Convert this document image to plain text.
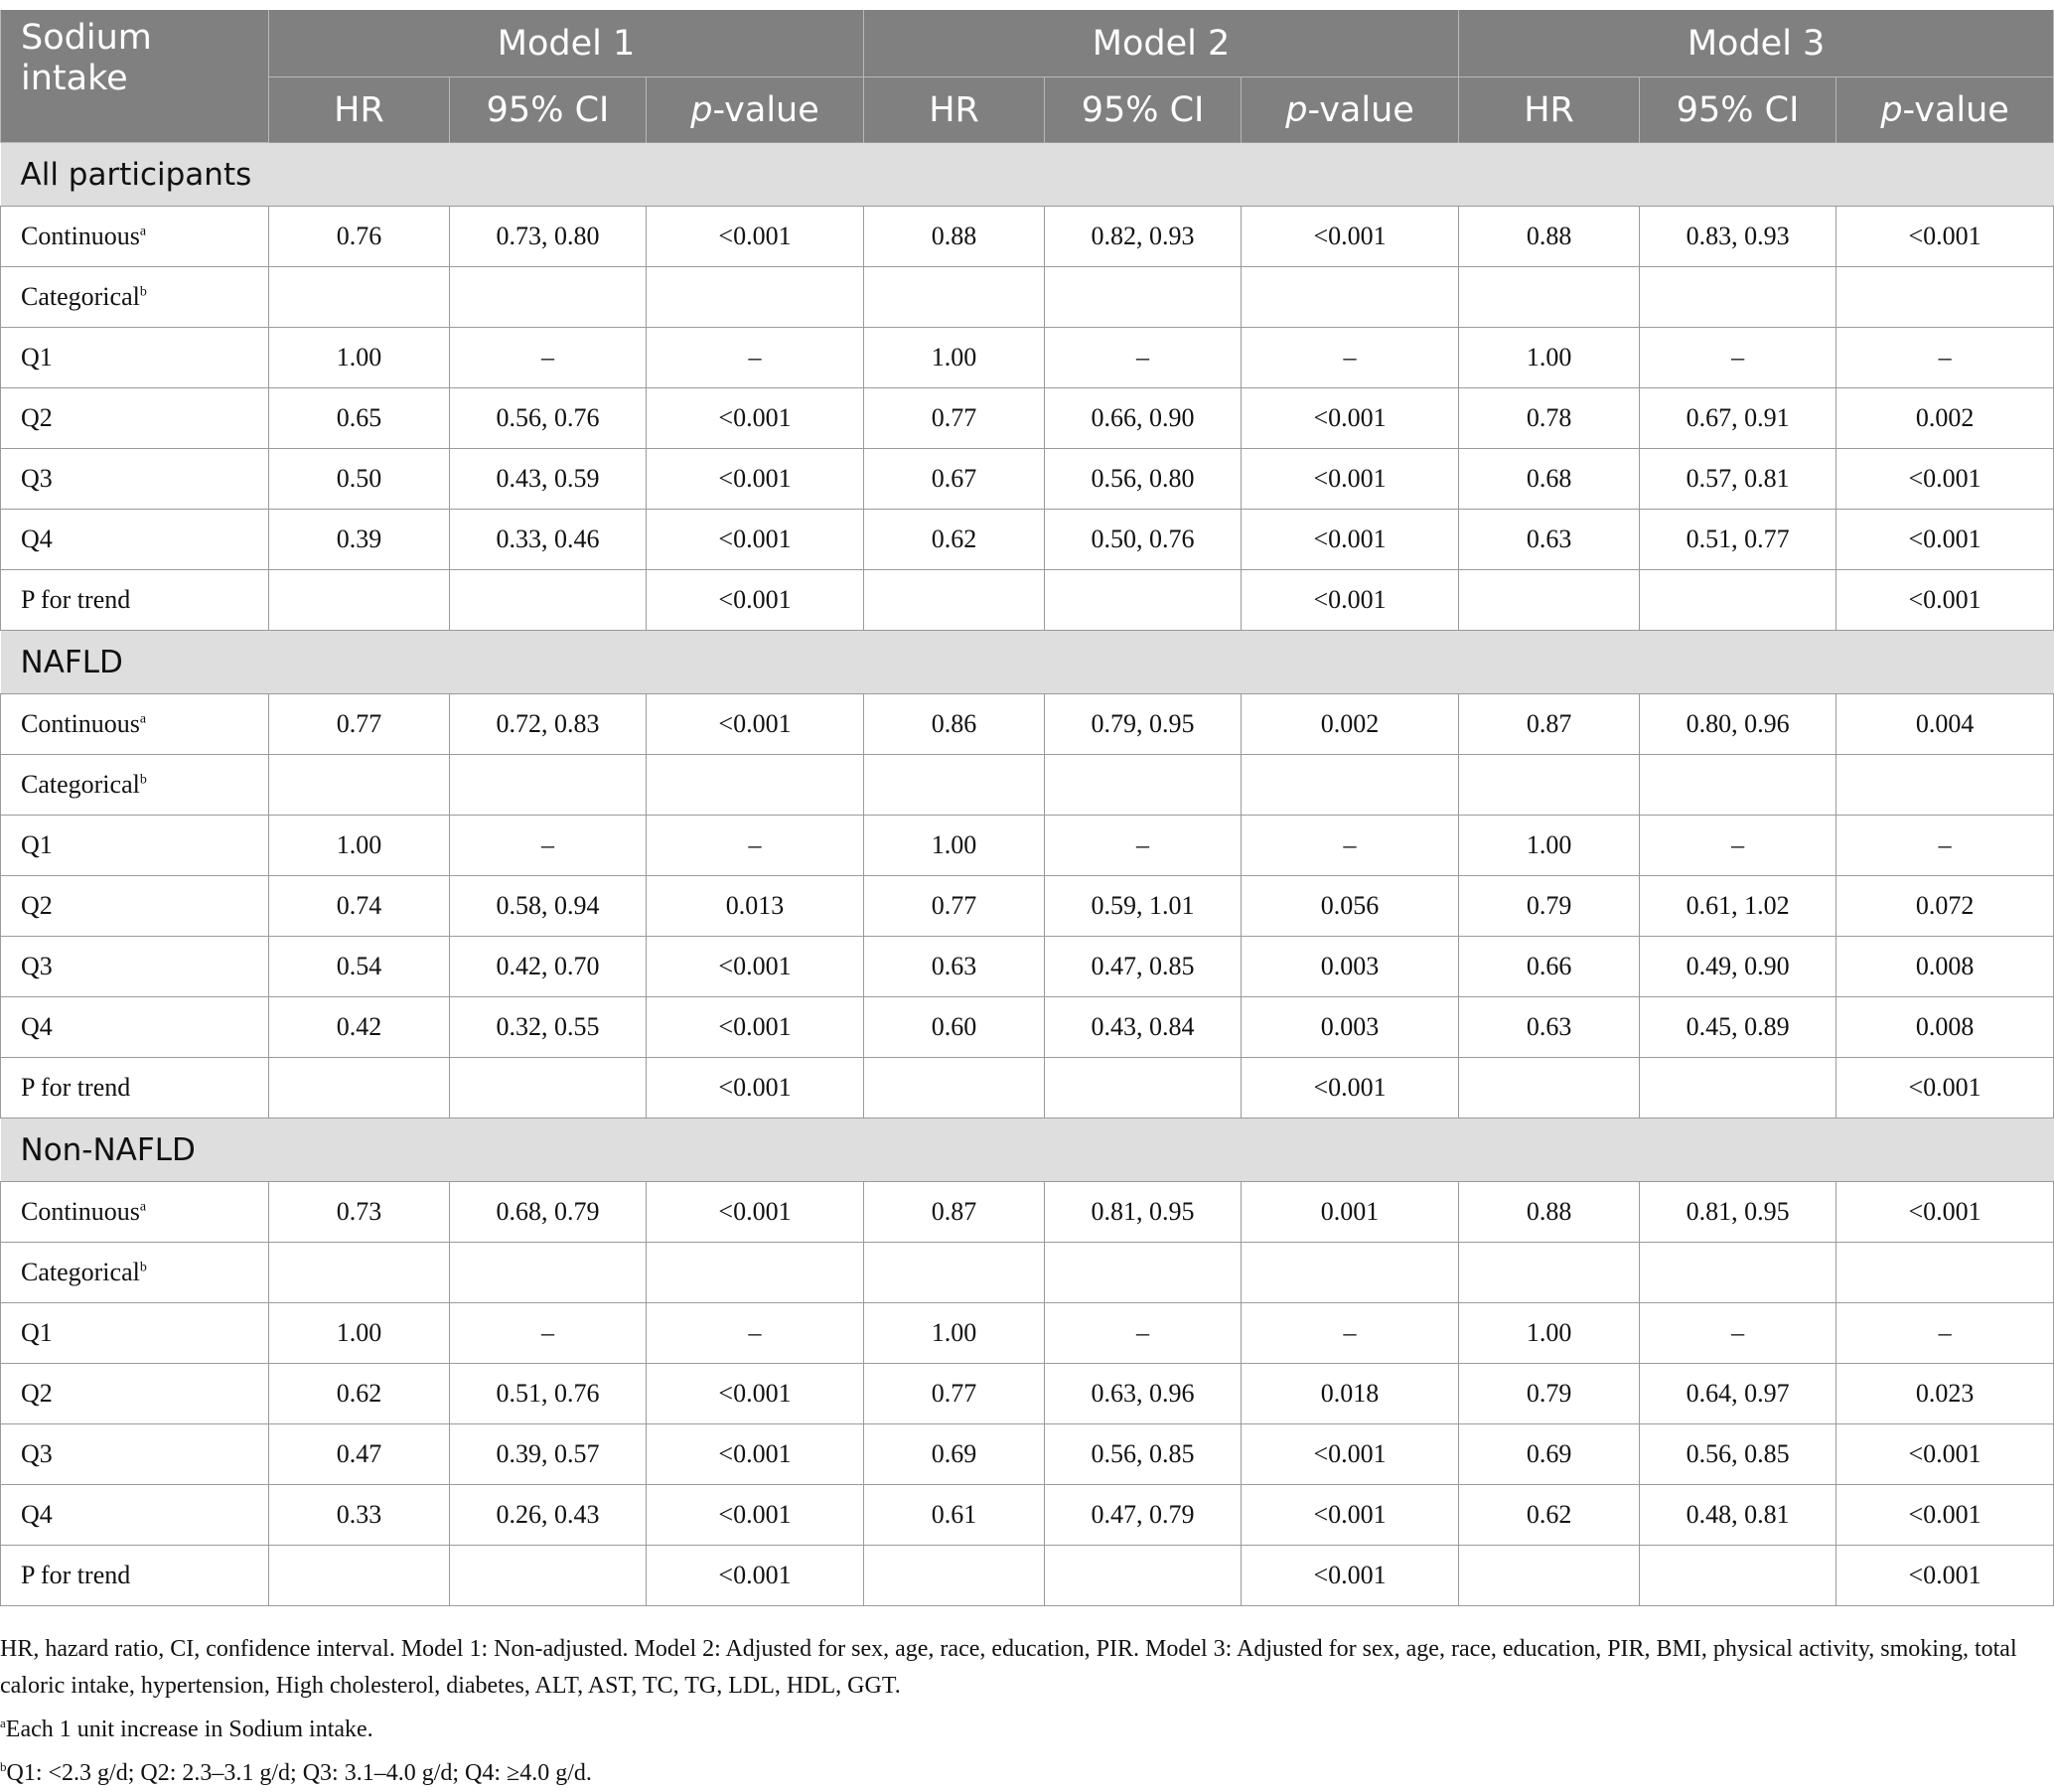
Sodium intake	Model 1			Model 2			Model 3		
	HR	95% CI	p-value	HR	95% CI	p-value	HR	95% CI	p-value
All participants									
Continuous$^a$	0.76	0.73, 0.80	<0.001	0.88	0.82, 0.93	<0.001	0.88	0.83, 0.93	<0.001
Categorical$^b$									
Q1	1.00	–	–	1.00	–	–	1.00	–	–
Q2	0.65	0.56, 0.76	<0.001	0.77	0.66, 0.90	<0.001	0.78	0.67, 0.91	0.002
Q3	0.50	0.43, 0.59	<0.001	0.67	0.56, 0.80	<0.001	0.68	0.57, 0.81	<0.001
Q4	0.39	0.33, 0.46	<0.001	0.62	0.50, 0.76	<0.001	0.63	0.51, 0.77	<0.001
P for trend			<0.001			<0.001			<0.001
NAFLD									
Continuous$^a$	0.77	0.72, 0.83	<0.001	0.86	0.79, 0.95	0.002	0.87	0.80, 0.96	0.004
Categorical$^b$									
Q1	1.00	–	–	1.00	–	–	1.00	–	–
Q2	0.74	0.58, 0.94	0.013	0.77	0.59, 1.01	0.056	0.79	0.61, 1.02	0.072
Q3	0.54	0.42, 0.70	<0.001	0.63	0.47, 0.85	0.003	0.66	0.49, 0.90	0.008
Q4	0.42	0.32, 0.55	<0.001	0.60	0.43, 0.84	0.003	0.63	0.45, 0.89	0.008
P for trend			<0.001			<0.001			<0.001
Non-NAFLD									
Continuous$^a$	0.73	0.68, 0.79	<0.001	0.87	0.81, 0.95	0.001	0.88	0.81, 0.95	<0.001
Categorical$^b$									
Q1	1.00	–	–	1.00	–	–	1.00	–	–
Q2	0.62	0.51, 0.76	<0.001	0.77	0.63, 0.96	0.018	0.79	0.64, 0.97	0.023
Q3	0.47	0.39, 0.57	<0.001	0.69	0.56, 0.85	<0.001	0.69	0.56, 0.85	<0.001
Q4	0.33	0.26, 0.43	<0.001	0.61	0.47, 0.79	<0.001	0.62	0.48, 0.81	<0.001
P for trend			<0.001			<0.001			<0.001

HR, hazard ratio, CI, confidence interval. Model 1: Non-adjusted. Model 2: Adjusted for sex, age, race, education, PIR. Model 3: Adjusted for sex, age, race, education, PIR, BMI, physical activity, smoking, total caloric intake, hypertension, High cholesterol, diabetes, ALT, AST, TC, TG, LDL, HDL, GGT.

$^a$Each 1 unit increase in Sodium intake.

$^b$Q1: <2.3 g/d; Q2: 2.3–3.1 g/d; Q3: 3.1–4.0 g/d; Q4: ≥4.0 g/d.
